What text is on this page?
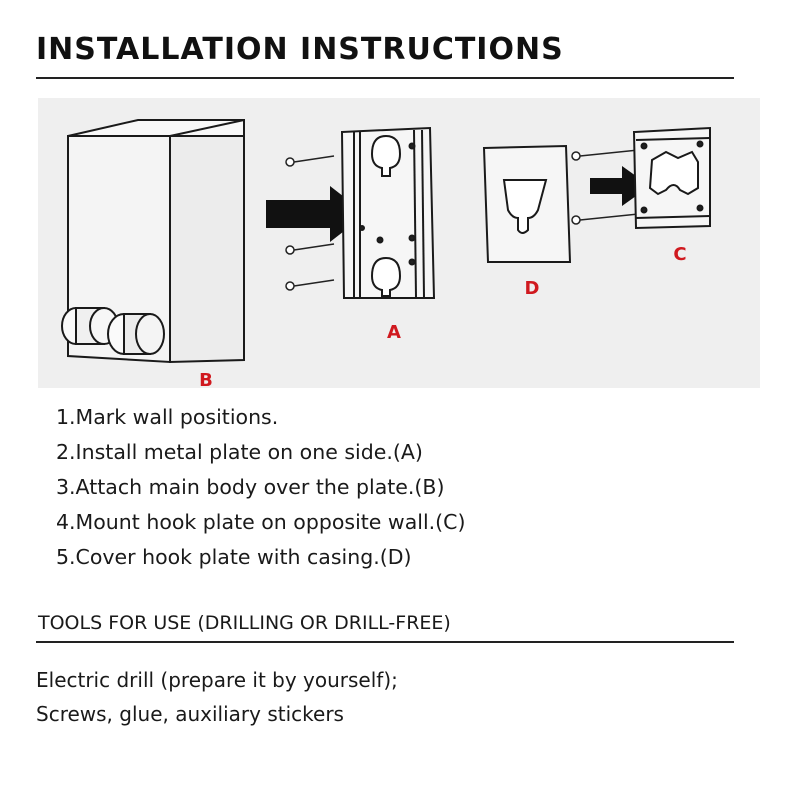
INSTALLATION INSTRUCTIONS
B
A
D
C
1.Mark wall positions.
2.Install metal plate on one side.(A)
3.Attach main body over the plate.(B)
4.Mount hook plate on opposite wall.(C)
5.Cover hook plate with casing.(D)
TOOLS FOR USE (DRILLING OR DRILL-FREE)
Electric drill (prepare it by yourself);
Screws, glue, auxiliary stickers
